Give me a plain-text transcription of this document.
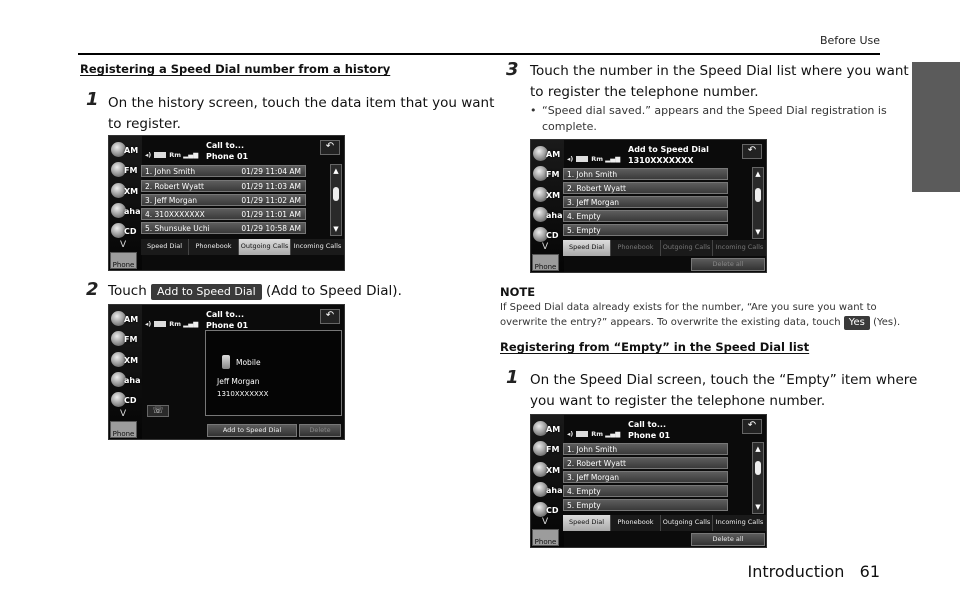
Before Use
Registering a Speed Dial number from a history
1 On the history screen, touch the data item that you want
to register.
AM
FM
XM
aha
CD
V
Phone
◂)	Rm ▂▄▆
Call to...
Phone 01
↶
1. John Smith	01/29 11:04 AM
2. Robert Wyatt	01/29 11:03 AM
3. Jeff Morgan	01/29 11:02 AM
4. 310XXXXXXX	01/29 11:01 AM
5. Shunsuke Uchi	01/29 10:58 AM
▲
▼
Speed Dial	Phonebook	Outgoing Calls Incoming Calls
2 Touch Add to Speed Dial (Add to Speed Dial).
AM
FM
XM
aha
CD
V
Phone
◂)	Rm ▂▄▆
Call to...
Phone 01
↶
☏
Mobile
Jeff Morgan
1310XXXXXXX
Add to Speed Dial	Delete
3 Touch the number in the Speed Dial list where you want
to register the telephone number.
• “Speed dial saved.” appears and the Speed Dial registration is
complete.
AM
FM
XM
aha
CD
V
Phone
◂)	Rm ▂▄▆
Add to Speed Dial
1310XXXXXXX
↶
1. John Smith
2. Robert Wyatt
3. Jeff Morgan
4. Empty
5. Empty
▲
▼
Speed Dial	Phonebook	Outgoing Calls Incoming Calls
Delete all
NOTE
If Speed Dial data already exists for the number, “Are you sure you want to
overwrite the entry?” appears. To overwrite the existing data, touch Yes (Yes).
Registering from “Empty” in the Speed Dial list
1 On the Speed Dial screen, touch the “Empty” item where
you want to register the telephone number.
AM
FM
XM
aha
CD
V
Phone
◂)	Rm ▂▄▆
Call to...
Phone 01
↶
1. John Smith
2. Robert Wyatt
3. Jeff Morgan
4. Empty
5. Empty
▲
▼
Speed Dial	Phonebook	Outgoing Calls Incoming Calls
Delete all
Introduction 61
